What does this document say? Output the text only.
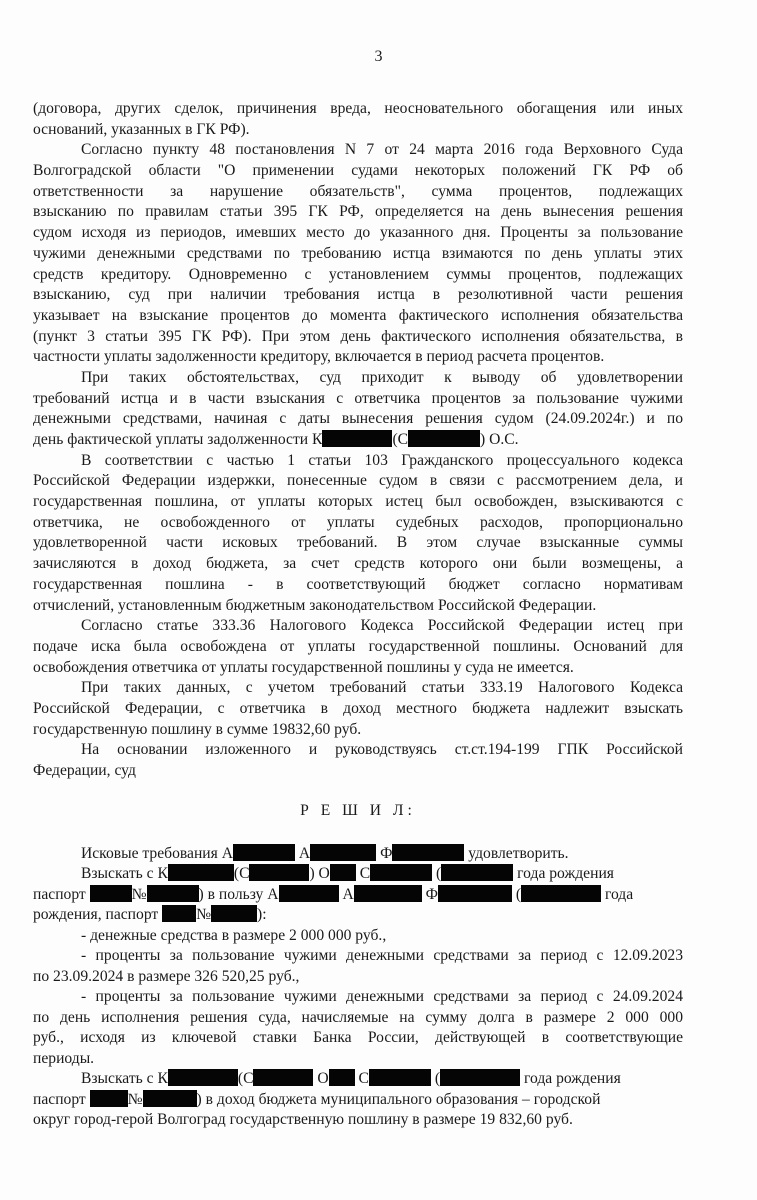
3
(договора, других сделок, причинения вреда, неосновательного обогащения или иных
оснований, указанных в ГК РФ).
Согласно пункту 48 постановления N 7 от 24 марта 2016 года Верховного Суда
Волгоградской области "О применении судами некоторых положений ГК РФ об
ответственности за нарушение обязательств", сумма процентов, подлежащих
взысканию по правилам статьи 395 ГК РФ, определяется на день вынесения решения
судом исходя из периодов, имевших место до указанного дня. Проценты за пользование
чужими денежными средствами по требованию истца взимаются по день уплаты этих
средств кредитору. Одновременно с установлением суммы процентов, подлежащих
взысканию, суд при наличии требования истца в резолютивной части решения
указывает на взыскание процентов до момента фактического исполнения обязательства
(пункт 3 статьи 395 ГК РФ). При этом день фактического исполнения обязательства, в
частности уплаты задолженности кредитору, включается в период расчета процентов.
При таких обстоятельствах, суд приходит к выводу об удовлетворении
требований истца и в части взыскания с ответчика процентов за пользование чужими
денежными средствами, начиная с даты вынесения решения судом (24.09.2024г.) и по
день фактической уплаты задолженности К	(С	) О.С.
В соответствии с частью 1 статьи 103 Гражданского процессуального кодекса
Российской Федерации издержки, понесенные судом в связи с рассмотрением дела, и
государственная пошлина, от уплаты которых истец был освобожден, взыскиваются с
ответчика, не освобожденного от уплаты судебных расходов, пропорционально
удовлетворенной части исковых требований. В этом случае взысканные суммы
зачисляются в доход бюджета, за счет средств которого они были возмещены, а
государственная пошлина - в соответствующий бюджет согласно нормативам
отчислений, установленным бюджетным законодательством Российской Федерации.
Согласно статье 333.36 Налогового Кодекса Российской Федерации истец при
подаче иска была освобождена от уплаты государственной пошлины. Оснований для
освобождения ответчика от уплаты государственной пошлины у суда не имеется.
При таких данных, с учетом требований статьи 333.19 Налогового Кодекса
Российской Федерации, с ответчика в доход местного бюджета надлежит взыскать
государственную пошлину в сумме 19832,60 руб.
На основании изложенного и руководствуясь ст.ст.194-199 ГПК Российской
Федерации, суд
Р Е Ш И Л:
Исковые требования А	А	Ф	удовлетворить.
Взыскать с К	(С	) О С	(	года рождения
паспорт	№	) в пользу А	А	Ф	(	года
рождения, паспорт №	):
- денежные средства в размере 2 000 000 руб.,
- проценты за пользование чужими денежными средствами за период с 12.09.2023
по 23.09.2024 в размере 326 520,25 руб.,
- проценты за пользование чужими денежными средствами за период с 24.09.2024
по день исполнения решения суда, начисляемые на сумму долга в размере 2 000 000
руб., исходя из ключевой ставки Банка России, действующей в соответствующие
периоды.
Взыскать с К	(С	О С	(	года рождения
паспорт	№	) в доход бюджета муниципального образования – городской
округ город-герой Волгоград государственную пошлину в размере 19 832,60 руб.
